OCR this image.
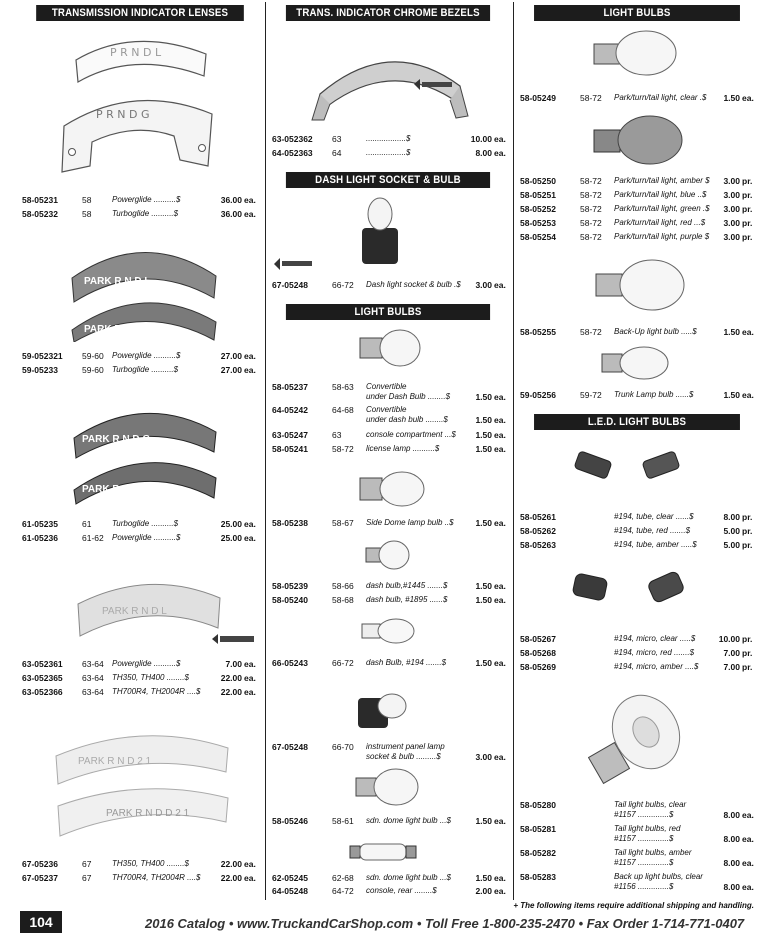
TRANSMISSION INDICATOR LENSES
P R N D L
P R N D G
PARK R N D L
PARK R N D G
PARK R N D G
PARK R N D L
PARK R N D L
PARK R N D 2 1
PARK R N D D 2 1
58-05231	58	Powerglide ..........$	36.00 ea.
58-05232	58	Turboglide ..........$	36.00 ea.
59-052321 59-60 Powerglide ..........$	27.00 ea.
59-05233	59-60 Turboglide ..........$	27.00 ea.
61-05235	61	Turboglide ..........$	25.00 ea.
61-05236	61-62 Powerglide ..........$	25.00 ea.
63-052361 63-64 Powerglide ..........$	7.00 ea.
63-052365 63-64 TH350, TH400 ........$	22.00 ea.
63-052366 63-64 TH700R4, TH2004R ....$	22.00 ea.
67-05236	67	TH350, TH400 ........$	22.00 ea.
67-05237	67	TH700R4, TH2004R ....$	22.00 ea.
TRANS. INDICATOR CHROME BEZELS
63-052362 63	..................$	10.00 ea.
64-052363 64	..................$	8.00 ea.
DASH LIGHT SOCKET & BULB
67-05248	66-72 Dash light socket & bulb .$	3.00 ea.
LIGHT BULBS
58-05237	58-63 Convertible
under Dash Bulb ........$	1.50 ea.
64-05242	64-68 Convertible
under dash bulb ........$	1.50 ea.
63-05247	63	console compartment ...$	1.50 ea.
58-05241	58-72 license lamp ..........$	1.50 ea.
58-05238	58-67 Side Dome lamp bulb ..$	1.50 ea.
58-05239	58-66 dash bulb,#1445 .......$	1.50 ea.
58-05240	58-68 dash bulb, #1895 ......$	1.50 ea.
66-05243	66-72 dash Bulb, #194 .......$	1.50 ea.
67-05248	66-70 instrument panel lamp
socket & bulb .........$	3.00 ea.
58-05246	58-61 sdn. dome light bulb ...$	1.50 ea.
62-05245	62-68 sdn. dome light bulb ...$	1.50 ea.
64-05248	64-72 console, rear ........$	2.00 ea.
LIGHT BULBS
58-05249	58-72 Park/turn/tail light, clear .$	1.50 ea.
58-05250	58-72 Park/turn/tail light, amber $	3.00 pr.
58-05251	58-72 Park/turn/tail light, blue ..$	3.00 pr.
58-05252	58-72 Park/turn/tail light, green .$	3.00 pr.
58-05253	58-72 Park/turn/tail light, red ...$	3.00 pr.
58-05254	58-72 Park/turn/tail light, purple $	3.00 pr.
58-05255	58-72 Back-Up light bulb .....$	1.50 ea.
59-05256	59-72 Trunk Lamp bulb ......$	1.50 ea.
L.E.D. LIGHT BULBS
58-05261	#194, tube, clear ......$	8.00 pr.
58-05262	#194, tube, red .......$	5.00 pr.
58-05263	#194, tube, amber .....$	5.00 pr.
58-05267	#194, micro, clear .....$	10.00 pr.
58-05268	#194, micro, red .......$	7.00 pr.
58-05269	#194, micro, amber ....$	7.00 pr.
58-05280	Tail light bulbs, clear
#1157 ..............$	8.00 ea.
58-05281	Tail light bulbs, red
#1157 ..............$	8.00 ea.
58-05282	Tail light bulbs, amber
#1157 ..............$	8.00 ea.
58-05283	Back up light bulbs, clear
#1156 ..............$	8.00 ea.
+ The following items require additional shipping and handling.
104	2016 Catalog • www.TruckandCarShop.com • Toll Free 1-800-235-2470 • Fax Order 1-714-771-0407
